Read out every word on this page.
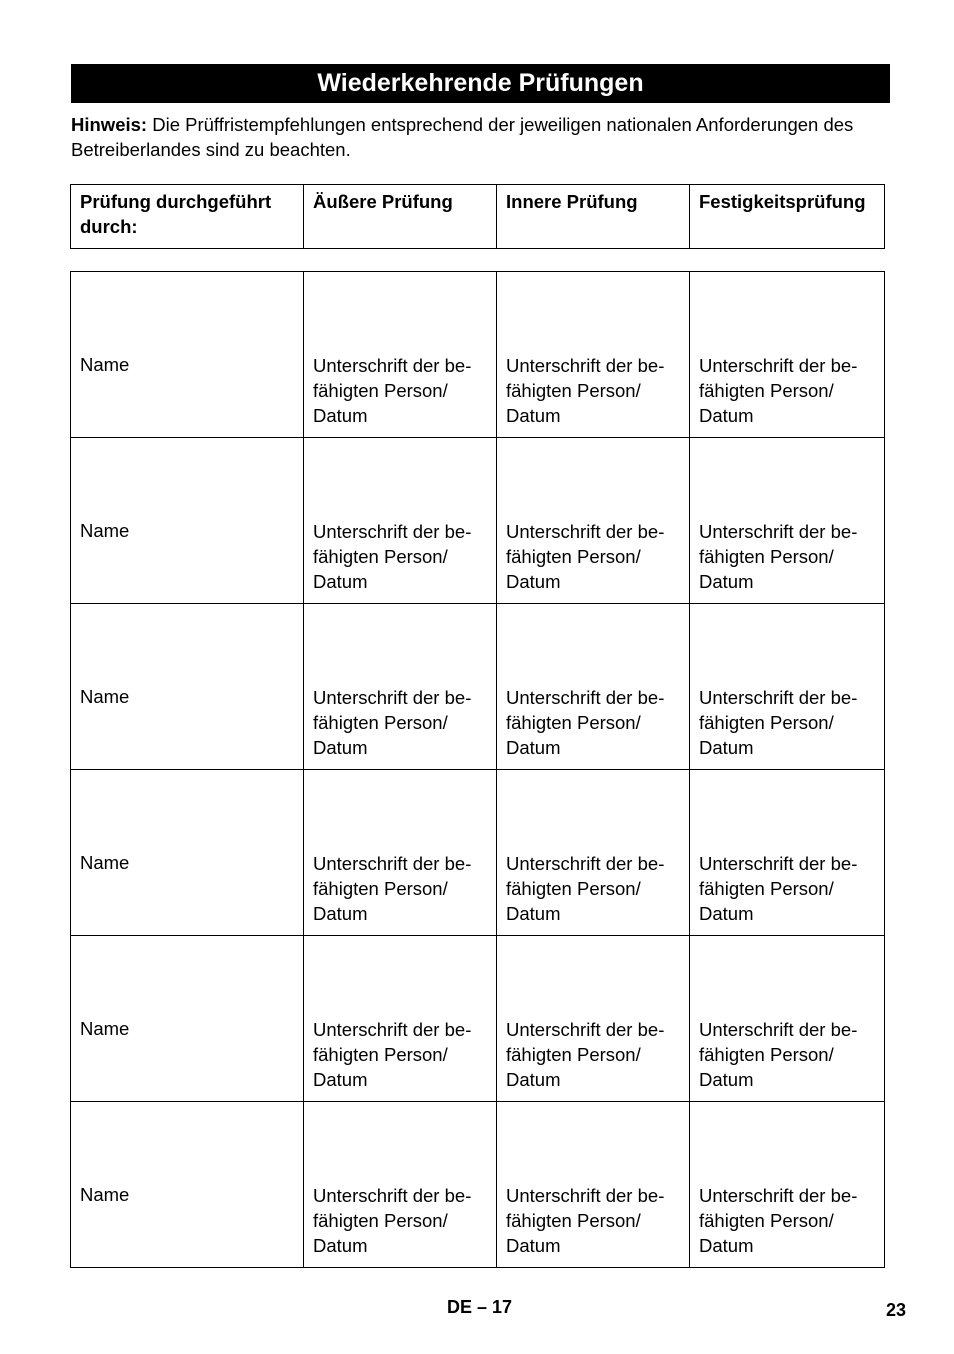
Wiederkehrende Prüfungen
Hinweis: Die Prüffristempfehlungen entsprechend der jeweiligen nationalen Anforderungen des Betreiberlandes sind zu beachten.
Prüfung durchgeführt durch:	Äußere Prüfung	Innere Prüfung	Festigkeitsprüfung
Name	Unterschrift der befähigten Person/ Datum	Unterschrift der befähigten Person/ Datum	Unterschrift der befähigten Person/ Datum
Name	Unterschrift der befähigten Person/ Datum	Unterschrift der befähigten Person/ Datum	Unterschrift der befähigten Person/ Datum
Name	Unterschrift der befähigten Person/ Datum	Unterschrift der befähigten Person/ Datum	Unterschrift der befähigten Person/ Datum
Name	Unterschrift der befähigten Person/ Datum	Unterschrift der befähigten Person/ Datum	Unterschrift der befähigten Person/ Datum
Name	Unterschrift der befähigten Person/ Datum	Unterschrift der befähigten Person/ Datum	Unterschrift der befähigten Person/ Datum
Name	Unterschrift der befähigten Person/ Datum	Unterschrift der befähigten Person/ Datum	Unterschrift der befähigten Person/ Datum
DE – 17	23
